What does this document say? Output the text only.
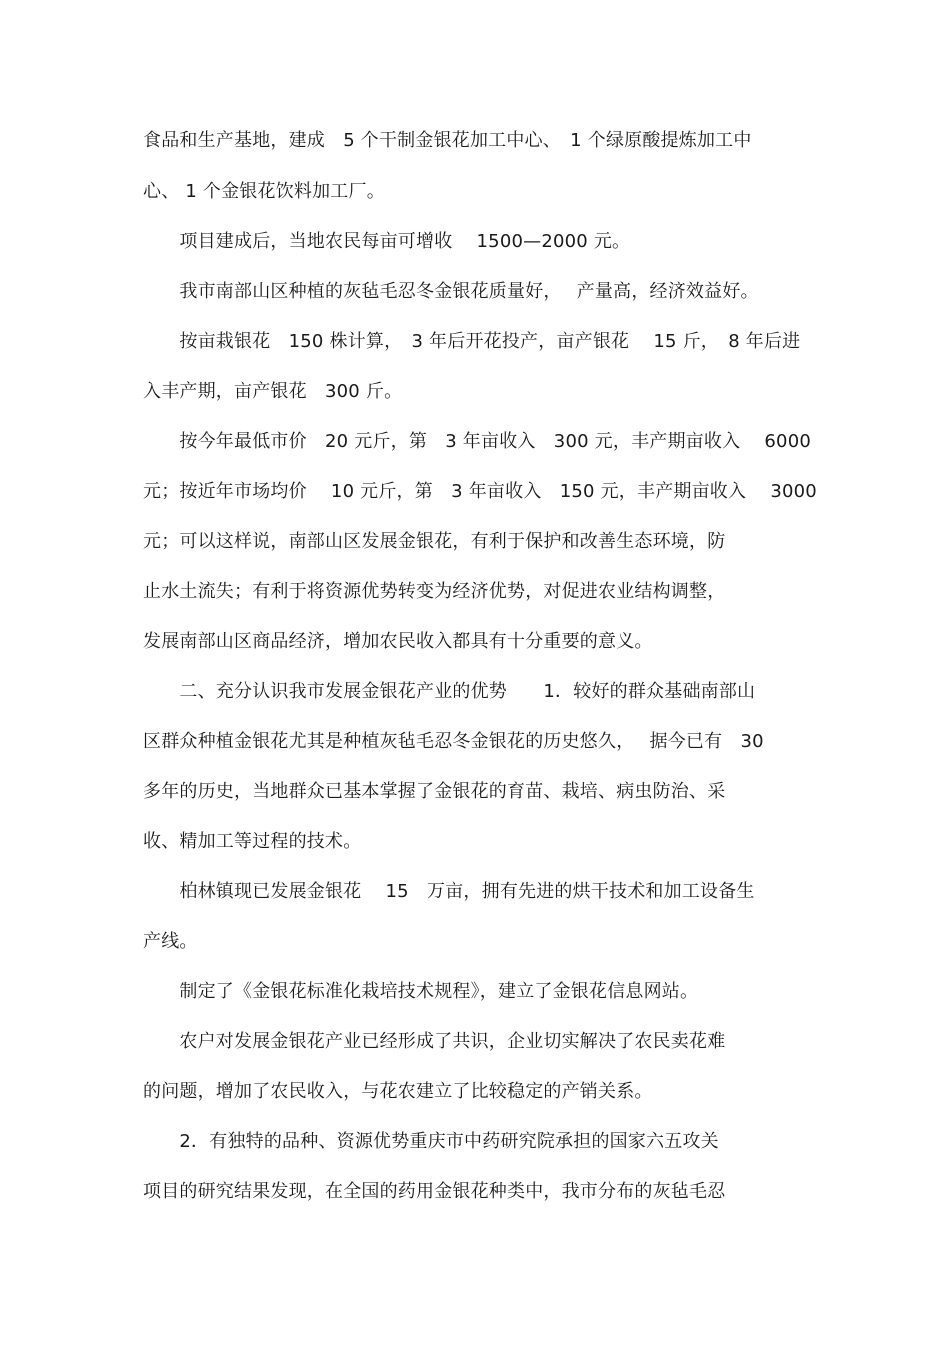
食品和生产基地，建成　5 个干制金银花加工中心、　1 个绿原酸提炼加工中
心、 1 个金银花饮料加工厂。
　　项目建成后，当地农民每亩可增收　 1500—2000 元。
　　我市南部山区种植的灰毡毛忍冬金银花质量好，　 产量高，经济效益好。
　　按亩栽银花　150 株计算，　3 年后开花投产，亩产银花　 15 斤，　8 年后进
入丰产期，亩产银花　300 斤。
　　按今年最低市价　20 元斤，第　3 年亩收入　300 元，丰产期亩收入　 6000
元；按近年市场均价　 10 元斤，第　3 年亩收入　150 元，丰产期亩收入　 3000
元；可以这样说，南部山区发展金银花，有利于保护和改善生态环境，防
止水土流失；有利于将资源优势转变为经济优势，对促进农业结构调整，
发展南部山区商品经济，增加农民收入都具有十分重要的意义。
　　二、充分认识我市发展金银花产业的优势　　1．较好的群众基础南部山
区群众种植金银花尤其是种植灰毡毛忍冬金银花的历史悠久，　 据今已有　30
多年的历史，当地群众已基本掌握了金银花的育苗、栽培、病虫防治、采
收、精加工等过程的技术。
　　柏林镇现已发展金银花　 15　万亩，拥有先进的烘干技术和加工设备生
产线。
　　制定了《金银花标准化栽培技术规程》，建立了金银花信息网站。
　　农户对发展金银花产业已经形成了共识，企业切实解决了农民卖花难
的问题，增加了农民收入，与花农建立了比较稳定的产销关系。
　　2．有独特的品种、资源优势重庆市中药研究院承担的国家六五攻关
项目的研究结果发现，在全国的药用金银花种类中，我市分布的灰毡毛忍
